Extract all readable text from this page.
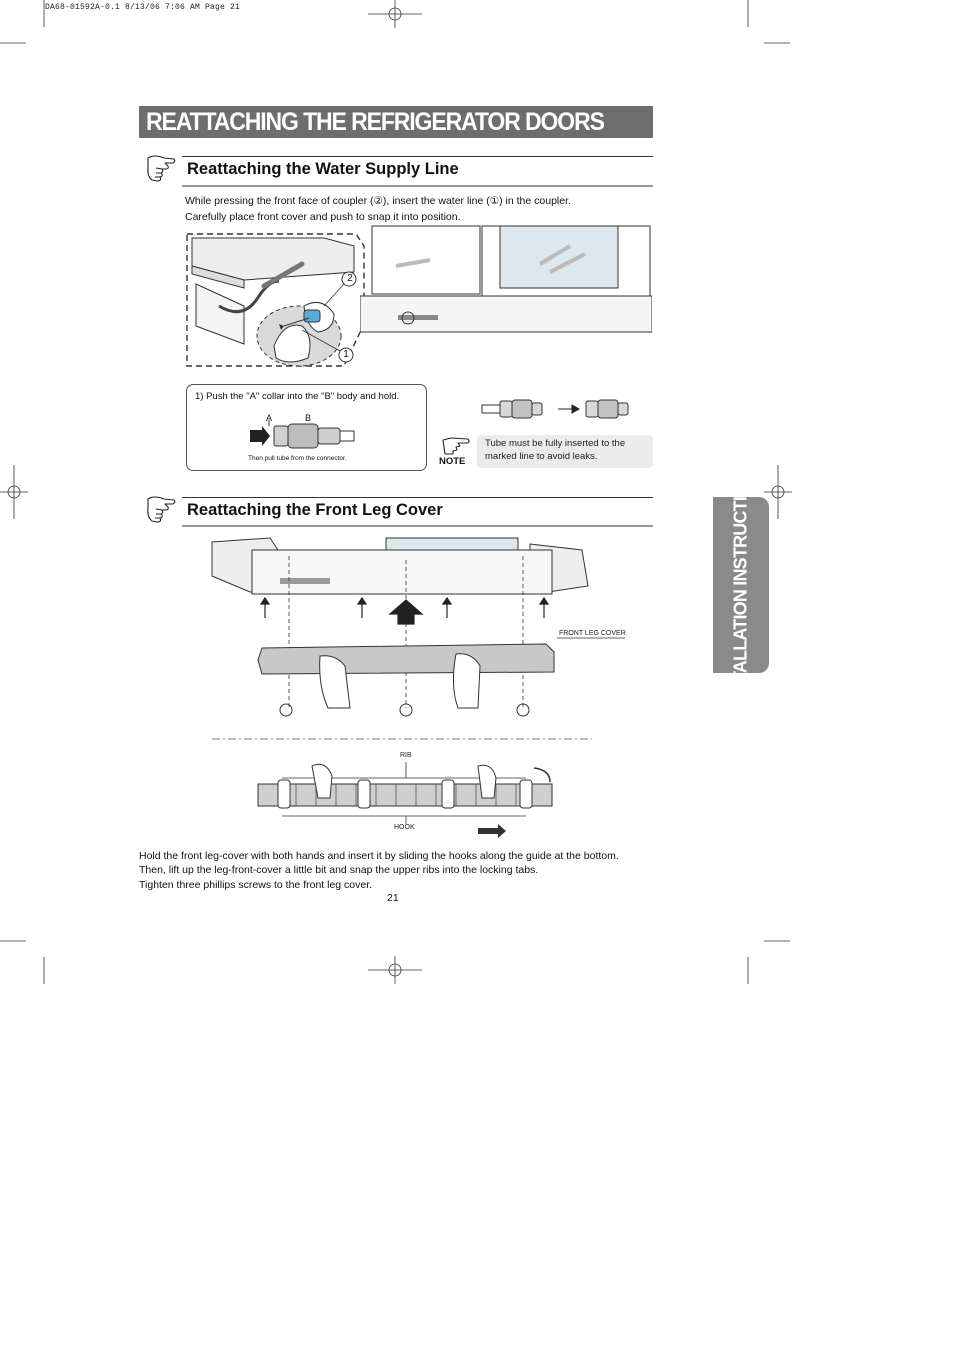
DA68-01592A-0.1 8/13/06 7:06 AM Page 21
REATTACHING THE REFRIGERATOR DOORS
INSTALLATION INSTRUCTIONS
Reattaching the Water Supply Line
While pressing the front face of coupler (②), insert the water line (①) in the coupler.
Carefully place front cover and push to snap it into position.
2
1
1) Push the "A" collar into the "B" body and hold.
A	B
Then pull tube from the connector.	NOTE
Tube must be fully inserted to the
marked line to avoid leaks.
Reattaching the Front Leg Cover
FRONT LEG COVER
RIB
HOOK
Hold the front leg-cover with both hands and insert it by sliding the hooks along the guide at the bottom.
Then, lift up the leg-front-cover a little bit and snap the upper ribs into the locking tabs.
Tighten three phillips screws to the front leg cover.
21
